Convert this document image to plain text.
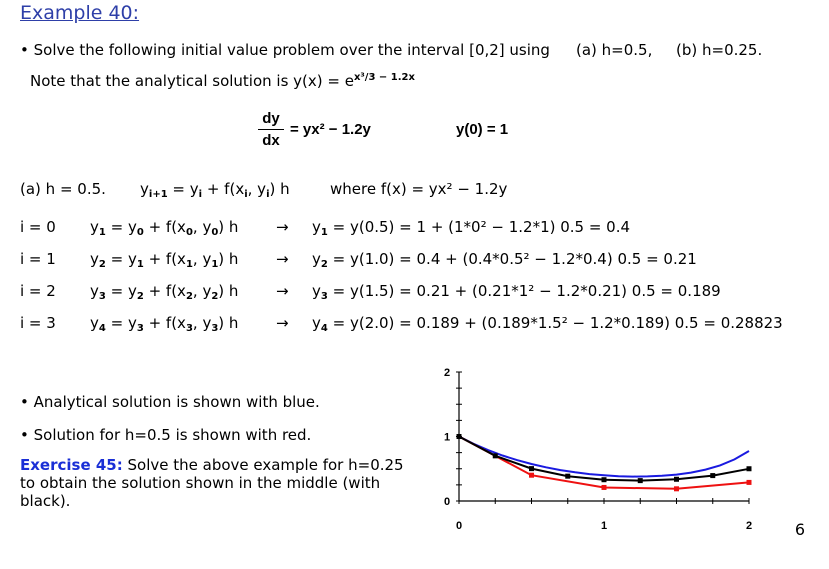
Example 40:
• Solve the following initial value problem over the interval [0,2] using (a) h=0.5, (b) h=0.25.
Note that the analytical solution is $y(x) = e^{x^3/3 - 1.2x}$
dy
dx
= yx² − 1.2y	y(0) = 1
(a) h = 0.5. $y_{i+1} = y_i + f(x_i$, $y_i$) h	where f(x) = yx² − 1.2y
i = 0 $y_1 = y_0 + f(x_0$, $y_0$) h	→ $y_1 = y(0.5) = 1 + (1*0^2 - 1.2*1) 0.5 = 0.4$
i = 1 $y_2 = y_1 + f(x_1$, $y_1$) h	→ $y_2 = y(1.0) = 0.4 + (0.4*0.5^2 - 1.2*0.4) 0.5 = 0.21$
i = 2 $y_3 = y_2 + f(x_2$, $y_2$) h	→ $y_3 = y(1.5) = 0.21 + (0.21*1^2 - 1.2*0.21) 0.5 = 0.189$
i = 3 $y_4 = y_3 + f(x_3$, $y_3$) h	→ $y_4 = y(2.0) = 0.189 + (0.189*1.5^2 - 1.2*0.189) 0.5 = 0.28823$
• Analytical solution is shown with blue.
• Solution for h=0.5 is shown with red.
Exercise 45: Solve the above example for h=0.25 to obtain the solution shown in the middle (with black).
0	1	2
0
1
2
6
